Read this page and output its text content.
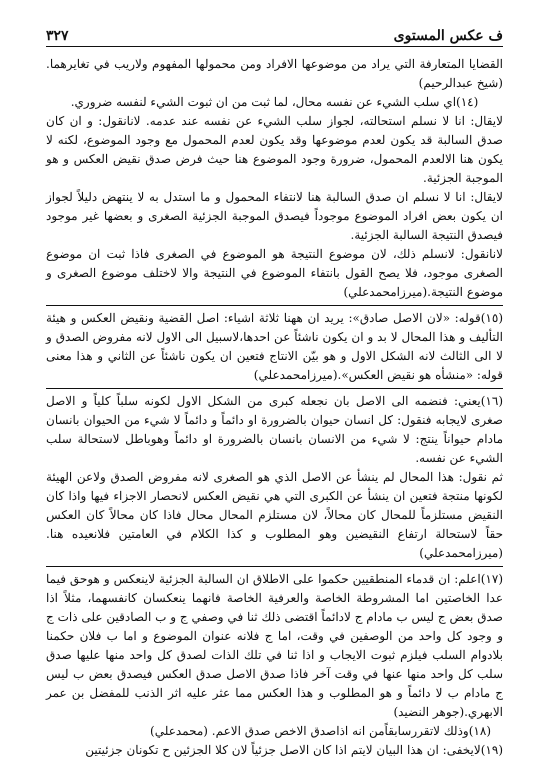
ف عكس المستوى
٣٢٧

القضايا المتعارفة التي يراد من موضوعها الافراد ومن محمولها المفهوم ولاريب في تغايرهما.(شيخ عبدالرحيم)

(١٤)اي سلب الشيء عن نفسه محال، لما ثبت من ان ثبوت الشيء لنفسه ضروري.

لايقال: انا لا نسلم استحالته، لجواز سلب الشيء عن نفسه عند عدمه. لانانقول: و ان كان صدق السالبة قد يكون لعدم موضوعها وقد يكون لعدم المحمول مع وجود الموضوع، لكنه لا يكون هنا الالعدم المحمول، ضرورة وجود الموضوع هنا حيث فرض صدق نقيض العكس و هو الموجبة الجزئية.

لايقال: انا لا نسلم ان صدق السالبة هنا لانتفاء المحمول و ما استدل به لا ينتهض دليلاً لجواز ان يكون بعض افراد الموضوع موجوداً فيصدق الموجبة الجزئية الصغرى و بعضها غير موجود فيصدق النتيجة السالبة الجزئية.

لانانقول: لانسلم ذلك، لان موضوع النتيجة هو الموضوع في الصغرى فاذا ثبت ان موضوع الصغرى موجود، فلا يصح القول بانتفاء الموضوع في النتيجة والا لاختلف موضوع الصغرى و موضوع النتيجة.(ميرزامحمدعلي)

(١٥)قوله: «لان الاصل صادق»: يريد ان ههنا ثلاثة اشياء: اصل القضية ونقيض العكس و هيئة التأليف و هذا المحال لا بد و ان يكون ناشئاً عن احدها،لاسبيل الى الاول لانه مفروض الصدق و لا الى الثالث لانه الشكل الاول و هو بيّن الانتاج فتعين ان يكون ناشئاً عن الثاني و هذا معنى قوله: «منشأه هو نقيض العكس».(ميرزامحمدعلي)

(١٦)يعني: فنضمه الى الاصل بان نجعله كبرى من الشكل الاول لكونه سلباً كلياً و الاصل صغرى لايجابه فنقول: كل انسان حيوان بالضرورة او دائماً و دائماً لا شيء من الحيوان بانسان مادام حيواناً ينتج: لا شيء من الانسان بانسان بالضرورة او دائماً وهوباطل لاستحالة سلب الشيء عن نفسه.

ثم نقول: هذا المحال لم ينشأ عن الاصل الذي هو الصغرى لانه مفروض الصدق ولاعن الهيئة لكونها منتجة فتعين ان ينشأ عن الكبرى التي هي نقيض العكس لانحصار الاجزاء فيها واذا كان النقيض مستلزماً للمحال كان محالاً، لان مستلزم المحال محال فاذا كان محالاً كان العكس حقاً لاستحالة ارتفاع النقيضين وهو المطلوب و كذا الكلام في العامتين فلانعيده هنا.(ميرزامحمدعلي)

(١٧)اعلم: ان قدماء المنطقيين حكموا على الاطلاق ان السالبة الجزئية لاينعكس و هوحق فيما عدا الخاصتين اما المشروطة الخاصة والعرفية الخاصة فانهما ينعكسان كانفسهما، مثلاً اذا صدق بعض ج ليس ب مادام ج لادائماً اقتضى ذلك ثنا في وصفي ج و ب الصادقين على ذات ج و وجود كل واحد من الوصفين في وقت، اما ج فلانه عنوان الموضوع و اما ب فلان حكمنا بلادوام السلب فيلزم ثبوت الايجاب و اذا ثنا في تلك الذات لصدق كل واحد منها عليها صدق سلب كل واحد منها عنها في وقت آخر فاذا صدق الاصل صدق العكس فيصدق بعض ب ليس ج مادام ب لا دائماً و هو المطلوب و هذا العكس مما عثر عليه اثر الذنب للمفضل بن عمر الابهري.(جوهر النضيد)

(١٨)وذلك لاتقررسابقاًمن انه اذاصدق الاخص صدق الاعم. (محمدعلي)

(١٩)لايخفى: ان هذا البيان لايتم اذا كان الاصل جزئياً لان كلا الجزئين ح تكونان جزئيتين
